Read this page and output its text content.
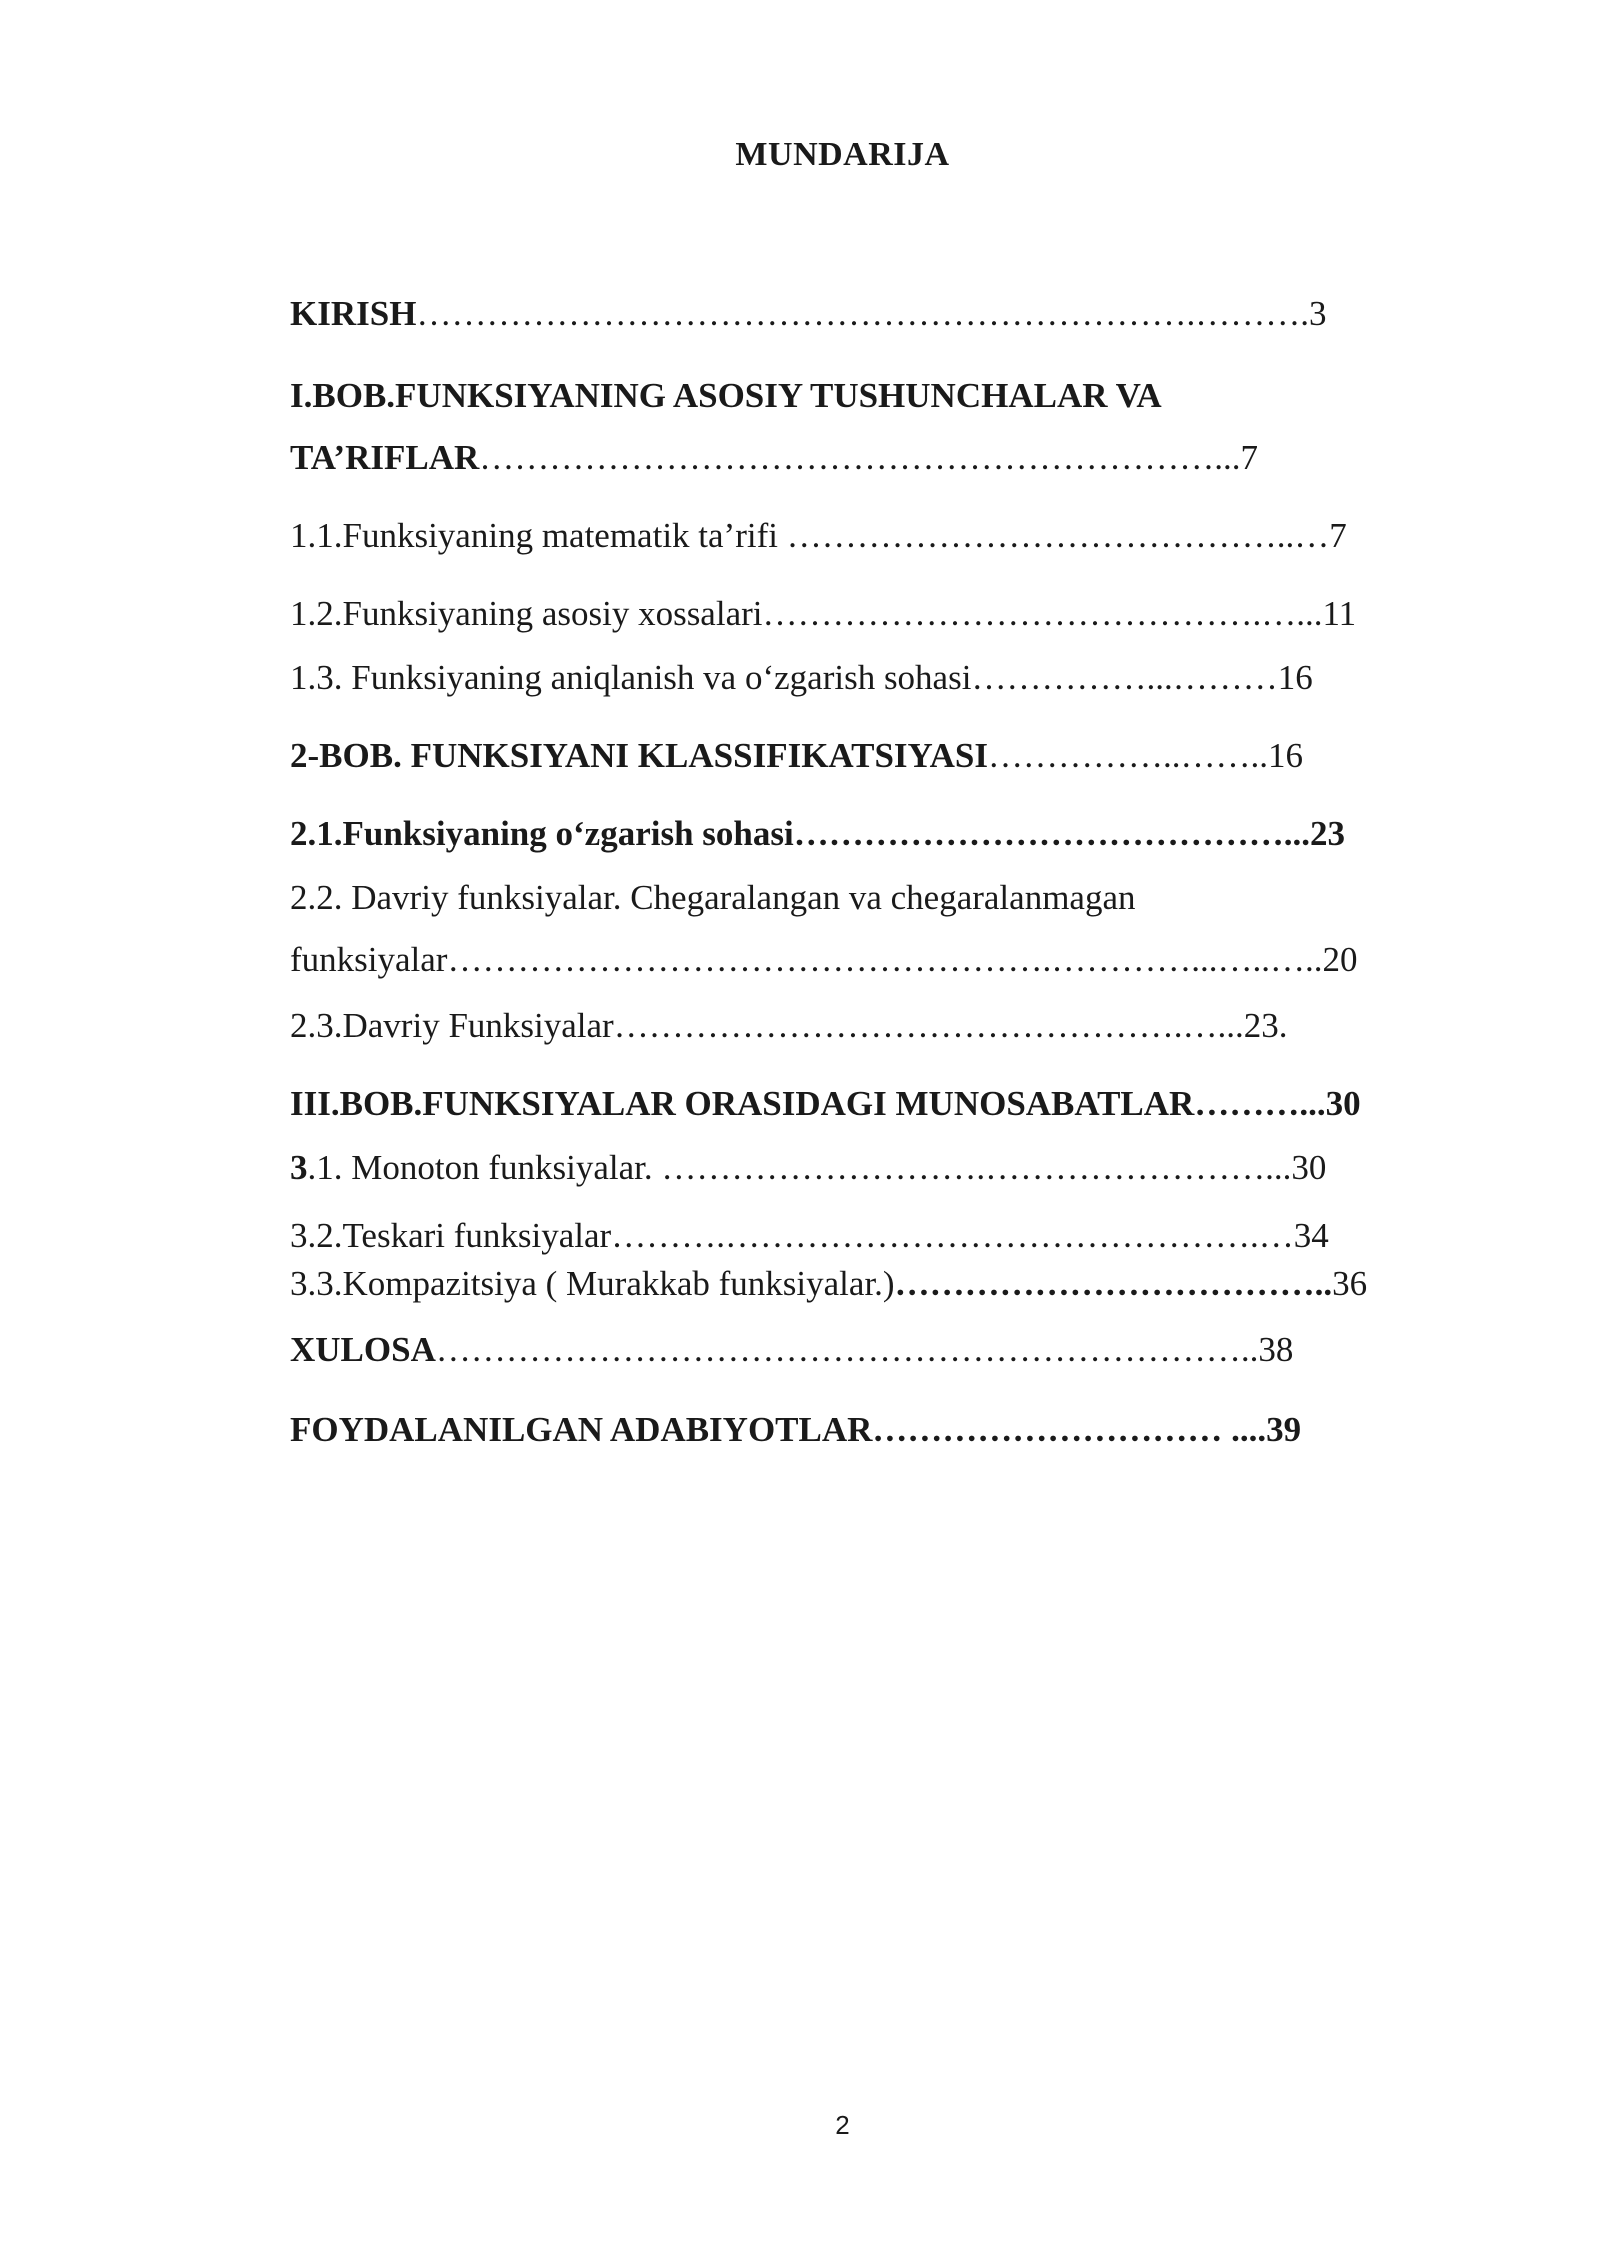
MUNDARIJA
KIRISH………………………………………………………….……….3
I.BOB.FUNKSIYANING ASOSIY TUSHUNCHALAR VA
TA’RIFLAR………………………………………………………...7
1.1.Funksiyaning matematik ta’rifi ……………………………………..…7
1.2.Funksiyaning asosiy xossalari…………………………………….…...11
1.3. Funksiyaning aniqlanish va o‘zgarish sohasi……………...………16
2-BOB. FUNKSIYANI KLASSIFIKATSIYASI……………..……..16
2.1.Funksiyaning o‘zgarish sohasi……………………………………...23
2.2. Davriy funksiyalar. Chegaralangan va chegaralanmagan
funksiyalar…………………………………………….…………...…..…..20
2.3.Davriy Funksiyalar………………………………………….…...23.
III.BOB.FUNKSIYALAR ORASIDAGI MUNOSABATLAR………...30
3.1. Monoton funksiyalar. ……………………….……………………...30
3.2.Teskari funksiyalar……….……………………………………….…34
3.3.Kompazitsiya ( Murakkab funksiyalar.)………………………………..36
XULOSA……………………………………………………………..38
FOYDALANILGAN ADABIYOTLAR………………………… ....39
2
